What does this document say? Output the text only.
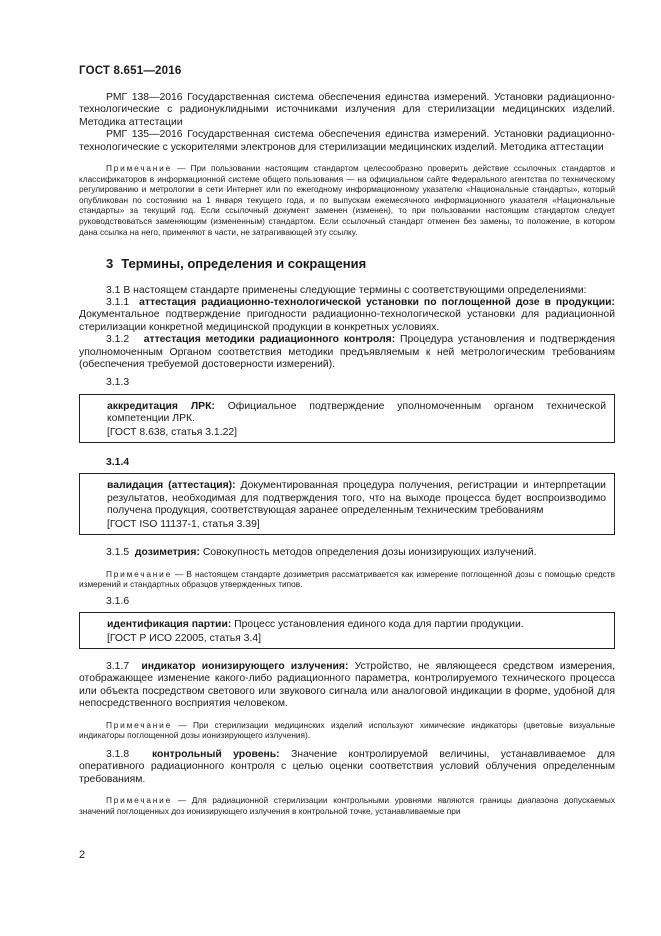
ГОСТ 8.651—2016

РМГ 138—2016 Государственная система обеспечения единства измерений. Установки радиационно-технологические с радионуклидными источниками излучения для стерилизации медицинских изделий. Методика аттестации

РМГ 135—2016 Государственная система обеспечения единства измерений. Установки радиационно-технологические с ускорителями электронов для стерилизации медицинских изделий. Методика аттестации

Примечание — При пользовании настоящим стандартом целесообразно проверить действие ссылочных стандартов и классификаторов в информационной системе общего пользования — на официальном сайте Федерального агентства по техническому регулированию и метрологии в сети Интернет или по ежегодному информационному указателю «Национальные стандарты», который опубликован по состоянию на 1 января текущего года, и по выпускам ежемесячного информационного указателя «Национальные стандарты» за текущий год. Если ссылочный документ заменен (изменен), то при пользовании настоящим стандартом следует руководствоваться заменяющим (измененным) стандартом. Если ссылочный стандарт отменен без замены, то положение, в котором дана ссылка на него, применяют в части, не затрагивающей эту ссылку.

3 Термины, определения и сокращения

3.1 В настоящем стандарте применены следующие термины с соответствующими определениями:

3.1.1 аттестация радиационно-технологической установки по поглощенной дозе в продукции: Документальное подтверждение пригодности радиационно-технологической установки для радиационной стерилизации конкретной медицинской продукции в конкретных условиях.

3.1.2 аттестация методики радиационного контроля: Процедура установления и подтверждения уполномоченным Органом соответствия методики предъявляемым к ней метрологическим требованиям (обеспечения требуемой достоверности измерений).

3.1.3

аккредитация ЛРК: Официальное подтверждение уполномоченным органом технической компетенции ЛРК.

[ГОСТ 8.638, статья 3.1.22]

3.1.4

валидация (аттестация): Документированная процедура получения, регистрации и интерпретации результатов, необходимая для подтверждения того, что на выходе процесса будет воспроизводимо получена продукция, соответствующая заранее определенным техническим требованиям

[ГОСТ ISO 11137-1, статья 3.39]

3.1.5 дозиметрия: Совокупность методов определения дозы ионизирующих излучений.

Примечание — В настоящем стандарте дозиметрия рассматривается как измерение поглощенной дозы с помощью средств измерений и стандартных образцов утвержденных типов.

3.1.6

идентификация партии: Процесс установления единого кода для партии продукции.

[ГОСТ Р ИСО 22005, статья 3.4]

3.1.7 индикатор ионизирующего излучения: Устройство, не являющееся средством измерения, отображающее изменение какого-либо радиационного параметра, контролируемого технического процесса или объекта посредством светового или звукового сигнала или аналоговой индикации в форме, удобной для непосредственного восприятия человеком.

Примечание — При стерилизации медицинских изделий используют химические индикаторы (цветовые визуальные индикаторы поглощенной дозы ионизирующего излучения).

3.1.8 контрольный уровень: Значение контролируемой величины, устанавливаемое для оперативного радиационного контроля с целью оценки соответствия условий облучения определенным требованиям.

Примечание — Для радиационной стерилизации контрольными уровнями являются границы диапазона допускаемых значений поглощенных доз ионизирующего излучения в контрольной точке, устанавливаемые при

2
